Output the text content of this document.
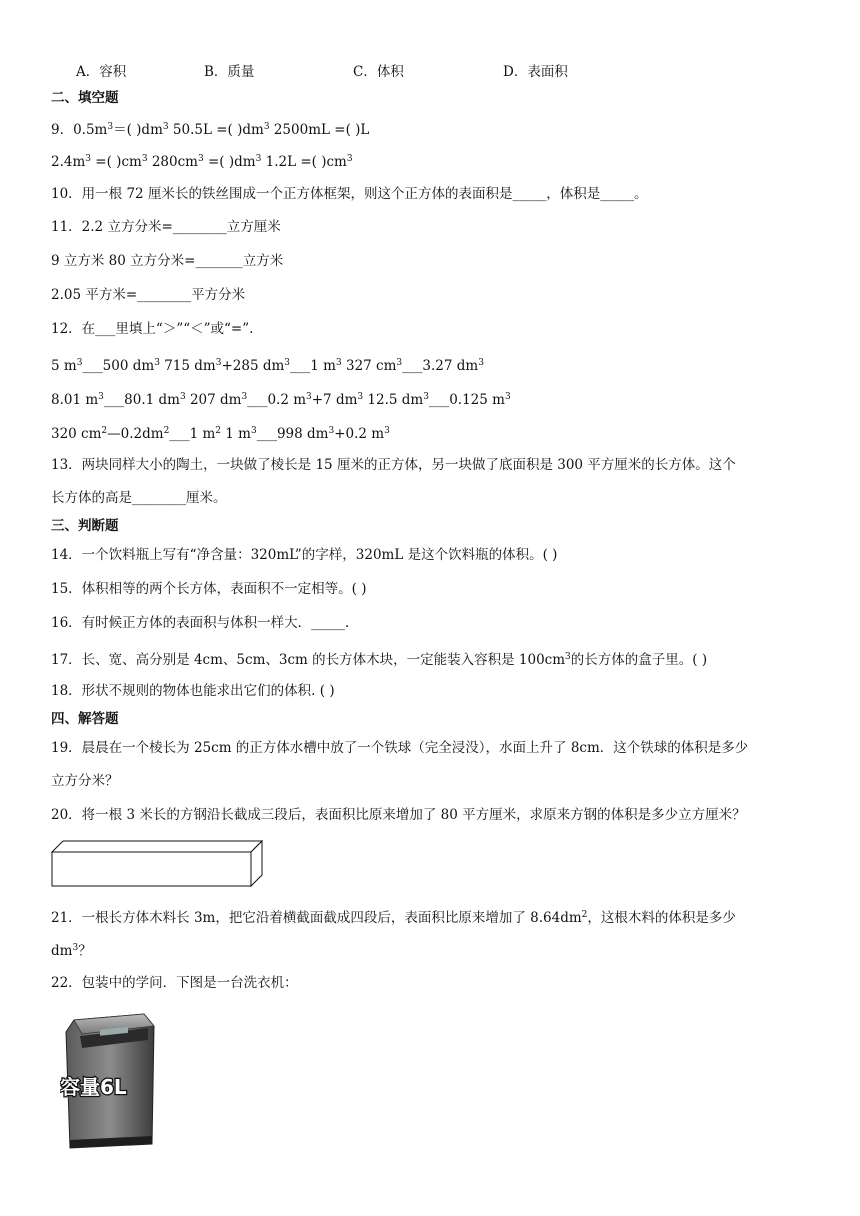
A．容积	B．质量	C．体积	D．表面积
二、填空题
9．$0.5m^3=$( )$dm^3$ 50.5L =( )$dm^3$ 2500mL =( )L
$2.4m^3$ =( )$cm^3$ $280cm^3$ =( )$dm^3$ 1.2L =( )$cm^3$
10．用一根 72 厘米长的铁丝围成一个正方体框架，则这个正方体的表面积是_____，体积是_____。
11．2.2 立方分米=________立方厘米
9 立方米 80 立方分米=_______立方米
2.05 平方米=________平方分米
12．在___里填上“＞”“＜”或“=”.
5 $m^3\_\_\_500$ $dm^3$ 715 $dm^3+285$ $dm^3\_\_\_1$ $m^3$ 327 $cm^3\_\_\_3.27$ $dm^3$
8.01 $m^3\_\_\_80.1$ $dm^3$ 207 $dm^3\_\_\_0.2$ $m^3+7$ $dm^3$ 12.5 $dm^3\_\_\_0.125$ $m^3$
320 $cm^2—0.2dm^2\_\_\_1$ $m^2$ 1 $m^3\_\_\_998$ $dm^3+0.2$ $m^3$
13．两块同样大小的陶土，一块做了棱长是 15 厘米的正方体，另一块做了底面积是 300 平方厘米的长方体。这个
长方体的高是________厘米。
三、判断题
14．一个饮料瓶上写有“净含量：320mL”的字样，320mL 是这个饮料瓶的体积。( )
15．体积相等的两个长方体，表面积不一定相等。( )
16．有时候正方体的表面积与体积一样大．_____.
17．长、宽、高分别是 4cm、5cm、3cm 的长方体木块，一定能装入容积是 $100cm^3$的长方体的盒子里。( )
18．形状不规则的物体也能求出它们的体积. ( )
四、解答题
19．晨晨在一个棱长为 25cm 的正方体水槽中放了一个铁球（完全浸没），水面上升了 8cm．这个铁球的体积是多少
立方分米？
20．将一根 3 米长的方钢沿长截成三段后，表面积比原来增加了 80 平方厘米，求原来方钢的体积是多少立方厘米？
21．一根长方体木料长 3m，把它沿着横截面截成四段后，表面积比原来增加了 $8.64dm^2$，这根木料的体积是多少
$dm^3$？
22．包装中的学问．下图是一台洗衣机：
容量6L
